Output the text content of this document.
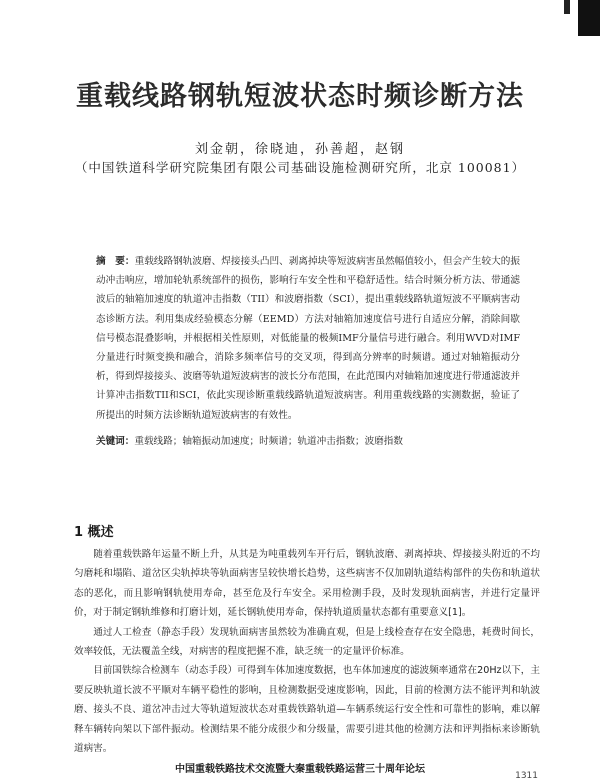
重载线路钢轨短波状态时频诊断方法
刘金朝，徐晓迪，孙善超，赵钢
（中国铁道科学研究院集团有限公司基础设施检测研究所，北京 100081）
摘　要：重载线路钢轨波磨、焊接接头凸凹、剥离掉块等短波病害虽然幅值较小，但会产生较大的振动冲击响应，增加轮轨系统部件的损伤，影响行车安全性和平稳舒适性。结合时频分析方法、带通滤波后的轴箱加速度的轨道冲击指数（TII）和波磨指数（SCI），提出重载线路轨道短波不平顺病害动态诊断方法。利用集成经验模态分解（EEMD）方法对轴箱加速度信号进行自适应分解，消除间歇信号模态混叠影响，并根据相关性原则，对低能量的极频IMF分量信号进行融合。利用WVD对IMF分量进行时频变换和融合，消除多频率信号的交叉项，得到高分辨率的时频谱。通过对轴箱振动分析，得到焊接接头、波磨等轨道短波病害的波长分布范围，在此范围内对轴箱加速度进行带通滤波并计算冲击指数TII和SCI，依此实现诊断重载线路轨道短波病害。利用重载线路的实测数据，验证了所提出的时频方法诊断轨道短波病害的有效性。
关键词：重载线路；轴箱振动加速度；时频谱；轨道冲击指数；波磨指数
1 概述

随着重载铁路年运量不断上升，从其是为吨重载列车开行后，钢轨波磨、剥离掉块、焊接接头附近的不均匀磨耗和塌陷、道岔区尖轨掉块等轨面病害呈较快增长趋势，这些病害不仅加剧轨道结构部件的失伤和轨道状态的恶化，而且影响钢轨使用寿命，甚至危及行车安全。采用检测手段，及时发现轨面病害，并进行定量评价，对于制定钢轨维修和打磨计划，延长钢轨使用寿命，保持轨道质量状态都有重要意义[1]。

通过人工检查（静态手段）发现轨面病害虽然较为准确直观，但是上线检查存在安全隐患，耗费时间长，效率较低，无法覆盖全线，对病害的程度把握不准，缺乏统一的定量评价标准。

目前国铁综合检测车（动态手段）可得到车体加速度数据，也车体加速度的滤波频率通常在20Hz以下，主要反映轨道长波不平顺对车辆平稳性的影响，且检测数据受速度影响，因此，目前的检测方法不能评判和轨波磨、接头不良、道岔冲击过大等轨道短波状态对重载铁路轨道—车辆系统运行安全性和可靠性的影响，难以解释车辆转向架以下部件振动。检测结果不能分成很少和分级量，需要引进其他的检测方法和评判指标来诊断轨道病害。

中国重载铁路技术交流暨大秦重载铁路运营三十周年论坛
1311
